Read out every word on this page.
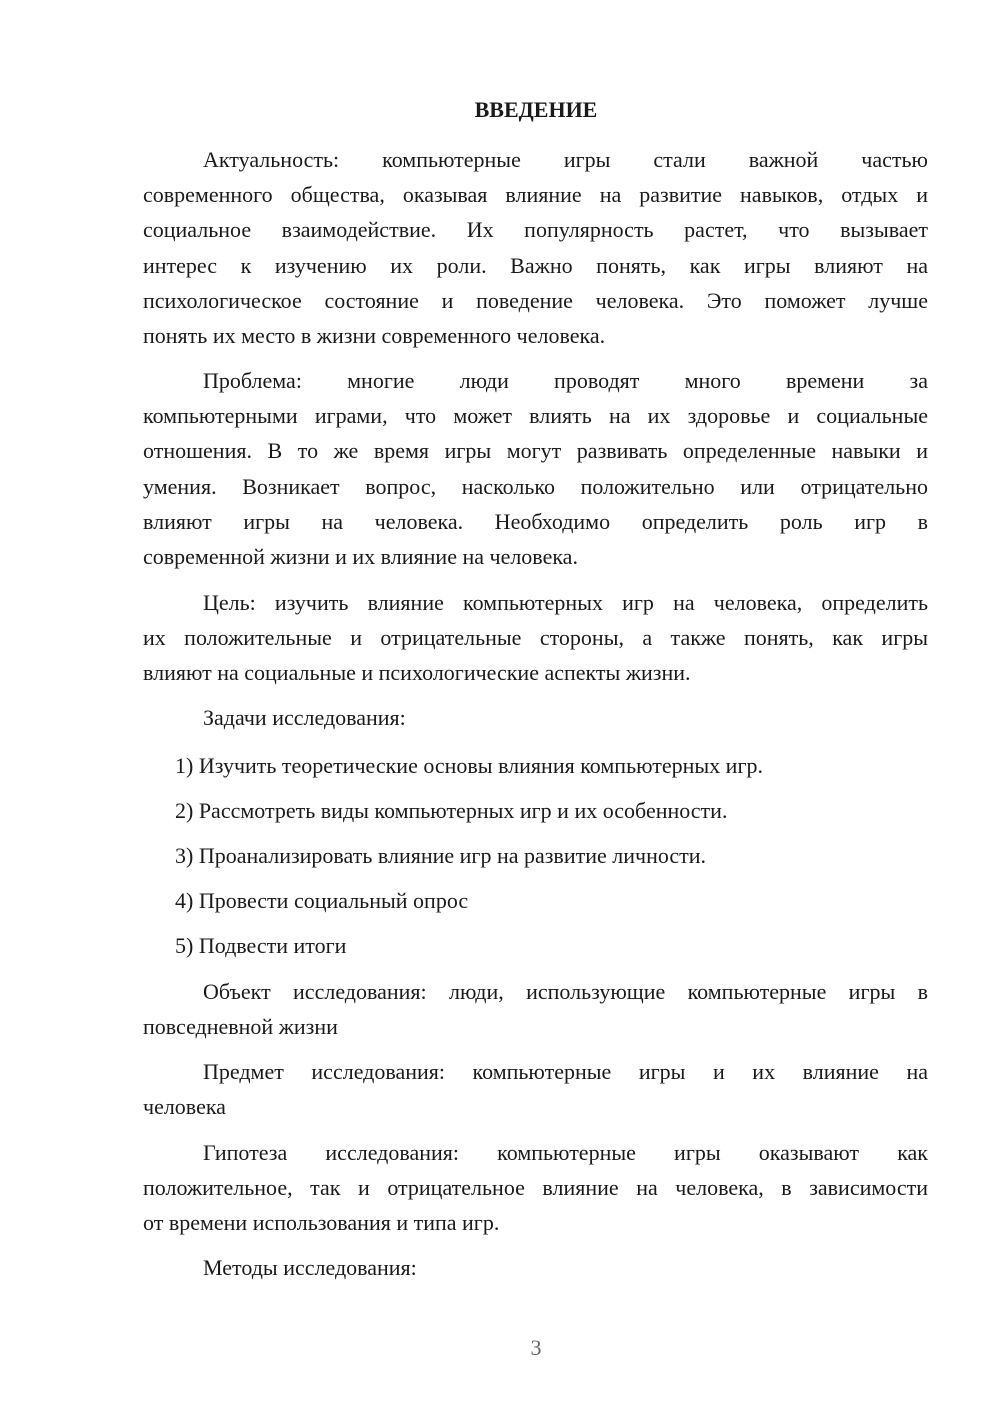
ВВЕДЕНИЕ
Актуальность: компьютерные игры стали важной частью
современного общества, оказывая влияние на развитие навыков, отдых и
социальное взаимодействие. Их популярность растет, что вызывает
интерес к изучению их роли. Важно понять, как игры влияют на
психологическое состояние и поведение человека. Это поможет лучше
понять их место в жизни современного человека.
Проблема: многие люди проводят много времени за
компьютерными играми, что может влиять на их здоровье и социальные
отношения. В то же время игры могут развивать определенные навыки и
умения. Возникает вопрос, насколько положительно или отрицательно
влияют игры на человека. Необходимо определить роль игр в
современной жизни и их влияние на человека.
Цель: изучить влияние компьютерных игр на человека, определить
их положительные и отрицательные стороны, а также понять, как игры
влияют на социальные и психологические аспекты жизни.
Задачи исследования:
1) Изучить теоретические основы влияния компьютерных игр.
2) Рассмотреть виды компьютерных игр и их особенности.
3) Проанализировать влияние игр на развитие личности.
4) Провести социальный опрос
5) Подвести итоги
Объект исследования: люди, использующие компьютерные игры в
повседневной жизни
Предмет исследования: компьютерные игры и их влияние на
человека
Гипотеза исследования: компьютерные игры оказывают как
положительное, так и отрицательное влияние на человека, в зависимости
от времени использования и типа игр.
Методы исследования:
3
